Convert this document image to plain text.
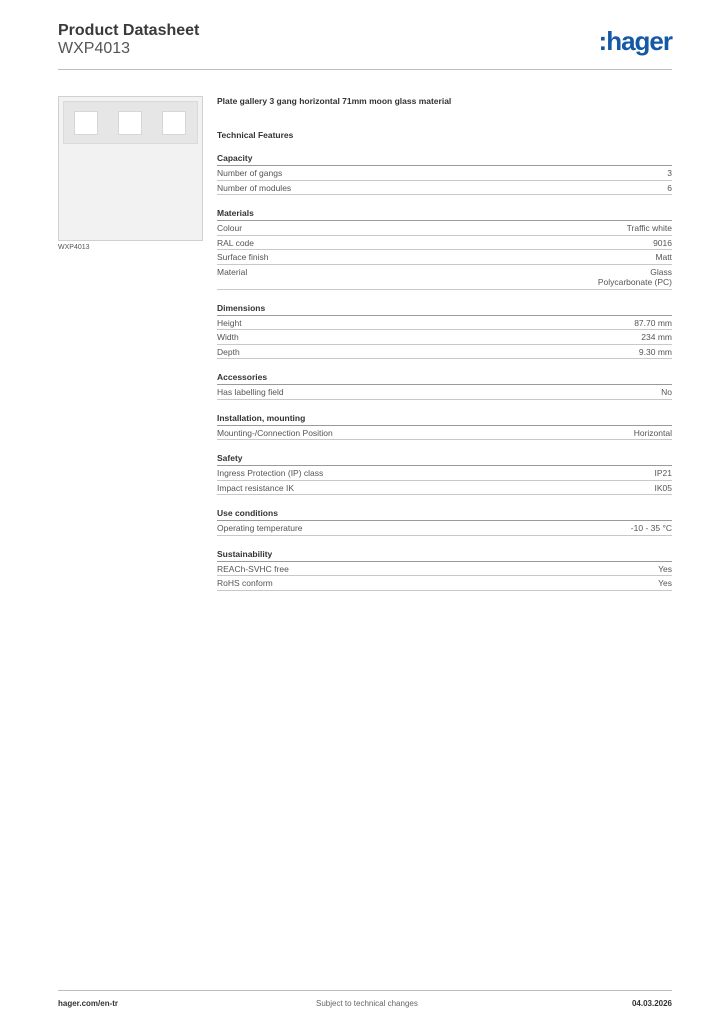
Product Datasheet
WXP4013	:hager
WXP4013
Plate gallery 3 gang horizontal 71mm moon glass material
Technical Features
Capacity
Number of gangs	3
Number of modules	6
Materials
Colour	Traffic white
RAL code	9016
Surface finish	Matt
Material	Glass
Polycarbonate (PC)
Dimensions
Height	87.70 mm
Width	234 mm
Depth	9.30 mm
Accessories
Has labelling field	No
Installation, mounting
Mounting-/Connection Position	Horizontal
Safety
Ingress Protection (IP) class	IP21
Impact resistance IK	IK05
Use conditions
Operating temperature	-10 - 35 °C
Sustainability
REACh-SVHC free	Yes
RoHS conform	Yes
hager.com/en-tr	Subject to technical changes	04.03.2026
